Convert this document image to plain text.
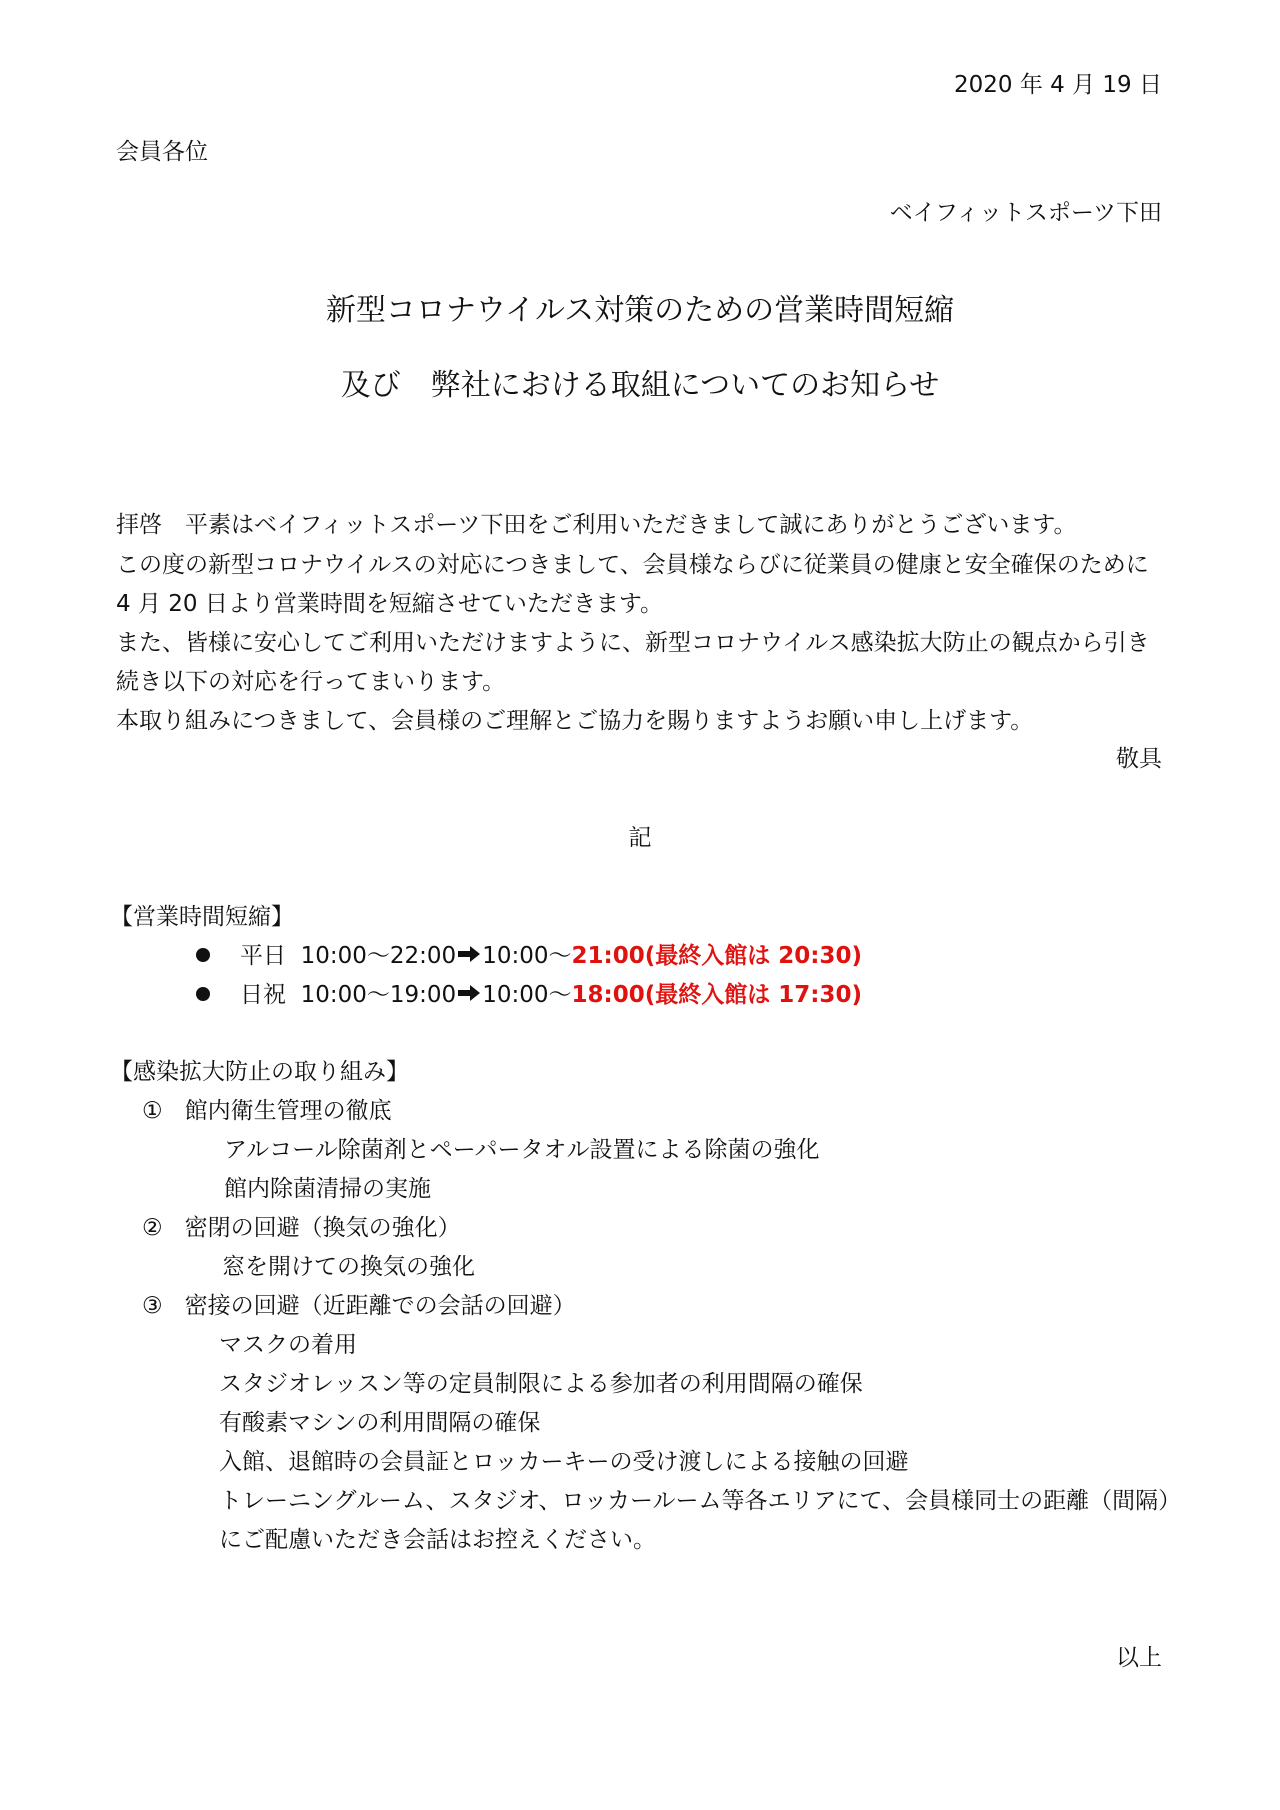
2020 年 4 月 19 日
会員各位
ベイフィットスポーツ下田
新型コロナウイルス対策のための営業時間短縮
及び　弊社における取組についてのお知らせ
拝啓　平素はベイフィットスポーツ下田をご利用いただきまして誠にありがとうございます。
この度の新型コロナウイルスの対応につきまして、会員様ならびに従業員の健康と安全確保のために
4 月 20 日より営業時間を短縮させていただきます。
また、皆様に安心してご利用いただけますように、新型コロナウイルス感染拡大防止の観点から引き
続き以下の対応を行ってまいります。
本取り組みにつきまして、会員様のご理解とご協力を賜りますようお願い申し上げます。
敬具
記
【営業時間短縮】
平日 10:00～22:00 10:00～21:00(最終入館は 20:30)
日祝 10:00～19:00 10:00～18:00(最終入館は 17:30)
【感染拡大防止の取り組み】
① 館内衛生管理の徹底
アルコール除菌剤とペーパータオル設置による除菌の強化
館内除菌清掃の実施
② 密閉の回避（換気の強化）
窓を開けての換気の強化
③ 密接の回避（近距離での会話の回避）
マスクの着用
スタジオレッスン等の定員制限による参加者の利用間隔の確保
有酸素マシンの利用間隔の確保
入館、退館時の会員証とロッカーキーの受け渡しによる接触の回避
トレーニングルーム、スタジオ、ロッカールーム等各エリアにて、会員様同士の距離（間隔）
にご配慮いただき会話はお控えください。
以上
